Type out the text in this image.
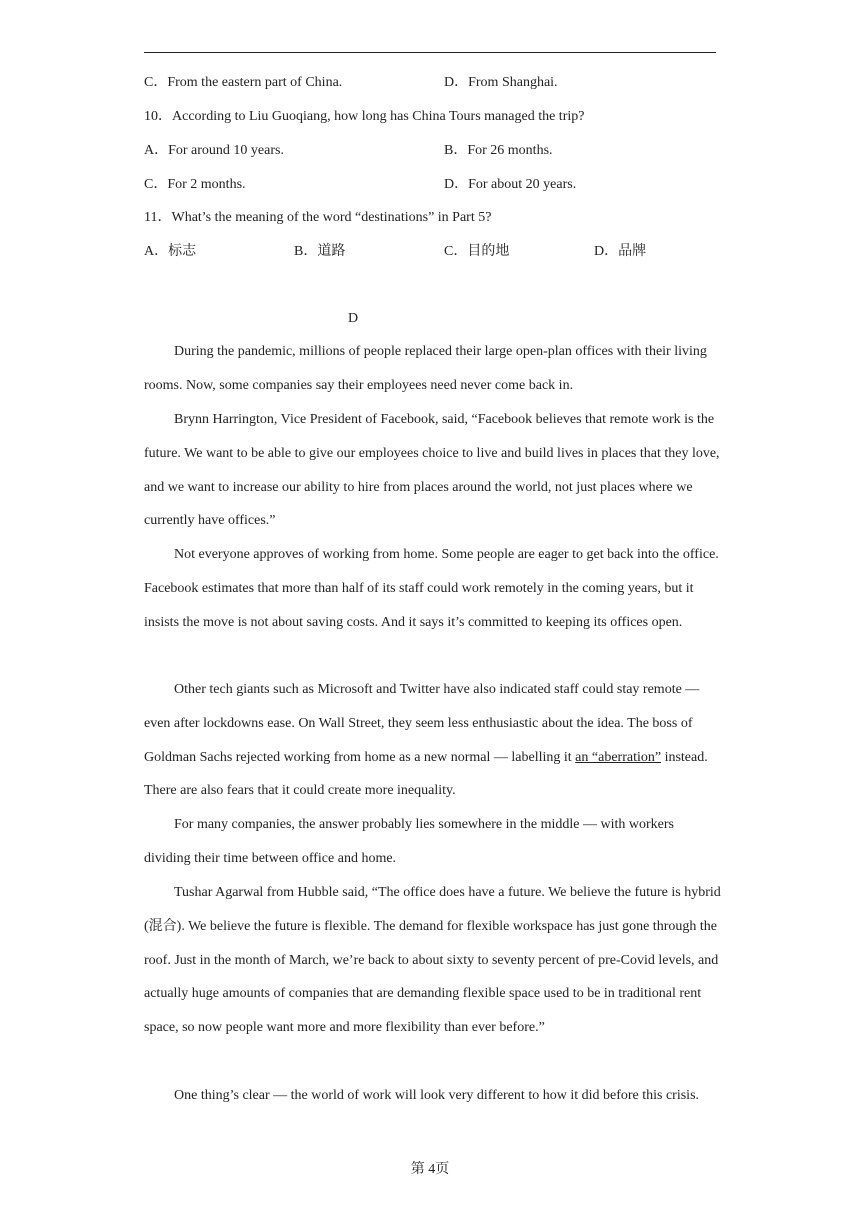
C．From the eastern part of China.	D．From Shanghai.
10．According to Liu Guoqiang, how long has China Tours managed the trip?
A．For around 10 years.	B．For 26 months.
C．For 2 months.	D．For about 20 years.
11．What’s the meaning of the word “destinations” in Part 5?
A．标志	B．道路	C．目的地	D．品牌
D

During the pandemic, millions of people replaced their large open-plan offices with their living rooms. Now, some companies say their employees need never come back in.

Brynn Harrington, Vice President of Facebook, said, “Facebook believes that remote work is the future. We want to be able to give our employees choice to live and build lives in places that they love, and we want to increase our ability to hire from places around the world, not just places where we currently have offices.”

Not everyone approves of working from home. Some people are eager to get back into the office. Facebook estimates that more than half of its staff could work remotely in the coming years, but it insists the move is not about saving costs. And it says it’s committed to keeping its offices open.

Other tech giants such as Microsoft and Twitter have also indicated staff could stay remote — even after lockdowns ease. On Wall Street, they seem less enthusiastic about the idea. The boss of Goldman Sachs rejected working from home as a new normal — labelling it an “aberration” instead. There are also fears that it could create more inequality.

For many companies, the answer probably lies somewhere in the middle — with workers dividing their time between office and home.

Tushar Agarwal from Hubble said, “The office does have a future. We believe the future is hybrid (混合). We believe the future is flexible. The demand for flexible workspace has just gone through the roof. Just in the month of March, we’re back to about sixty to seventy percent of pre-Covid levels, and actually huge amounts of companies that are demanding flexible space used to be in traditional rent space, so now people want more and more flexibility than ever before.”

One thing’s clear — the world of work will look very different to how it did before this crisis.

第 4页
